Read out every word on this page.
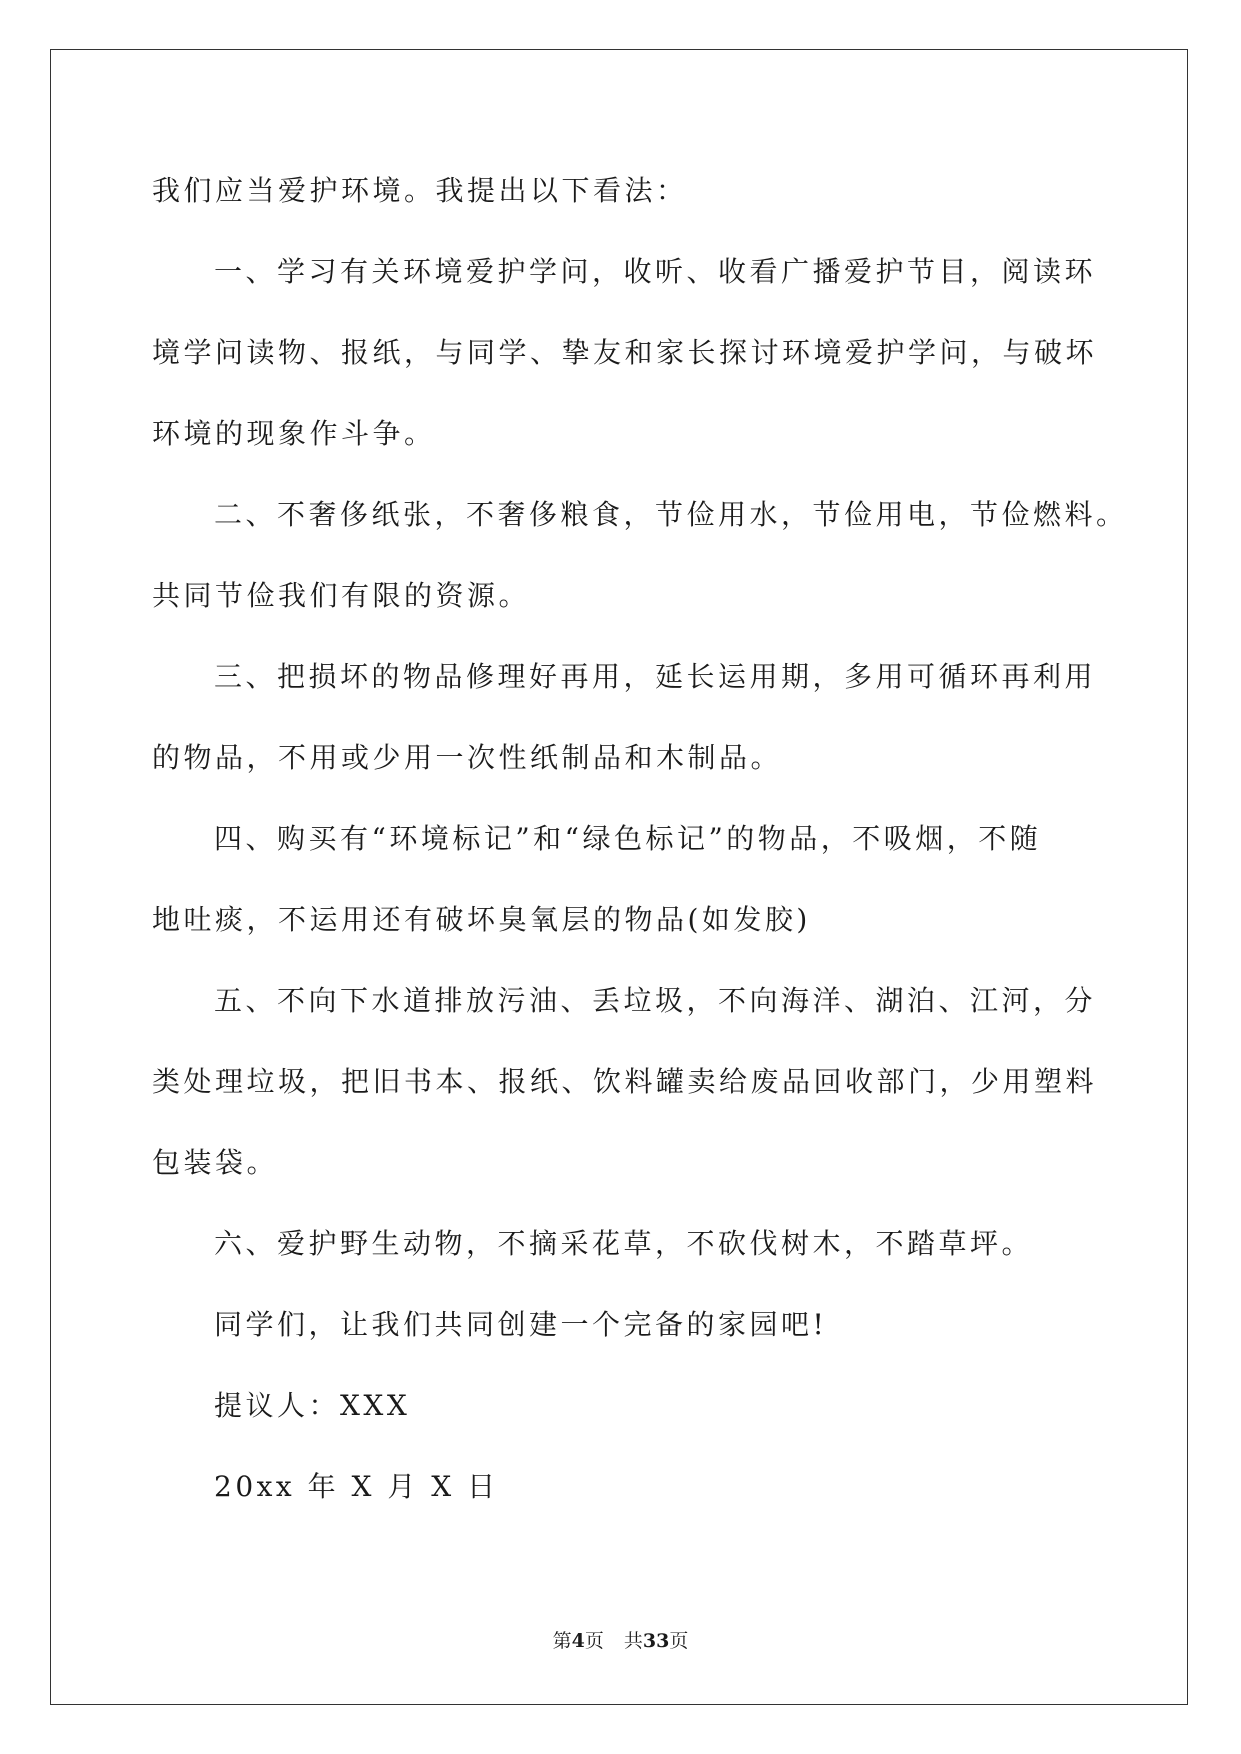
我们应当爱护环境。我提出以下看法：
一、学习有关环境爱护学问，收听、收看广播爱护节目，阅读环
境学问读物、报纸，与同学、挚友和家长探讨环境爱护学问，与破坏
环境的现象作斗争。
二、不奢侈纸张，不奢侈粮食，节俭用水，节俭用电，节俭燃料。
共同节俭我们有限的资源。
三、把损坏的物品修理好再用，延长运用期，多用可循环再利用
的物品，不用或少用一次性纸制品和木制品。
四、购买有“环境标记”和“绿色标记”的物品，不吸烟，不随
地吐痰，不运用还有破坏臭氧层的物品(如发胶)
五、不向下水道排放污油、丢垃圾，不向海洋、湖泊、江河，分
类处理垃圾，把旧书本、报纸、饮料罐卖给废品回收部门，少用塑料
包装袋。
六、爱护野生动物，不摘采花草，不砍伐树木，不踏草坪。
同学们，让我们共同创建一个完备的家园吧!
提议人：XXX
20xx 年 X 月 X 日
第4页 共33页
